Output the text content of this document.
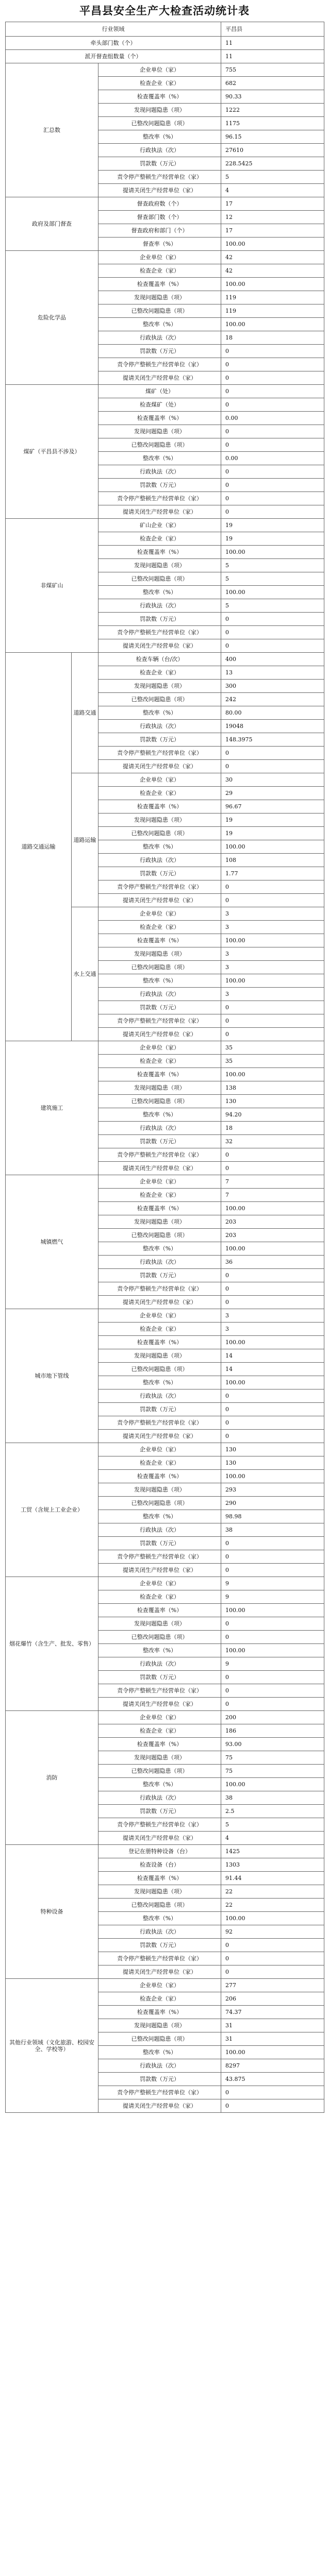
平昌县安全生产大检查活动统计表
行业领域			平昌县
牵头部门数（个）			11
派开督查组数量（个）			11
汇总数		企业单位（家）	755
		检查企业（家）	682
		检查覆盖率（%）	90.33
		发现问题隐患（项）	1222
		已整改问题隐患（项）	1175
		整改率（%）	96.15
		行政执法（次）	27610
		罚款数（万元）	228.5425
		责令停产整顿生产经营单位（家）	5
		提请关闭生产经营单位（家）	4
政府及部门督查		督查政府数（个）	17
		督查部门数（个）	12
		督查政府和部门（个）	17
		督查率（%）	100.00
危险化学品		企业单位（家）	42
		检查企业（家）	42
		检查覆盖率（%）	100.00
		发现问题隐患（项）	119
		已整改问题隐患（项）	119
		整改率（%）	100.00
		行政执法（次）	18
		罚款数（万元）	0
		责令停产整顿生产经营单位（家）	0
		提请关闭生产经营单位（家）	0
煤矿（平昌县不涉及）		煤矿（处）	0
		检查煤矿（处）	0
		检查覆盖率（%）	0.00
		发现问题隐患（项）	0
		已整改问题隐患（项）	0
		整改率（%）	0.00
		行政执法（次）	0
		罚款数（万元）	0
		责令停产整顿生产经营单位（家）	0
		提请关闭生产经营单位（家）	0
非煤矿山		矿山企业（家）	19
		检查企业（家）	19
		检查覆盖率（%）	100.00
		发现问题隐患（项）	5
		已整改问题隐患（项）	5
		整改率（%）	100.00
		行政执法（次）	5
		罚款数（万元）	0
		责令停产整顿生产经营单位（家）	0
		提请关闭生产经营单位（家）	0
道路交通运输	道路交通	检查车辆（台/次）	400
		检查企业（家）	13
		发现问题隐患（项）	300
		已整改问题隐患（项）	242
		整改率（%）	80.00
		行政执法（次）	19048
		罚款数（万元）	148.3975
		责令停产整顿生产经营单位（家）	0
		提请关闭生产经营单位（家）	0
	道路运输	企业单位（家）	30
		检查企业（家）	29
		检查覆盖率（%）	96.67
		发现问题隐患（项）	19
		已整改问题隐患（项）	19
		整改率（%）	100.00
		行政执法（次）	108
		罚款数（万元）	1.77
		责令停产整顿生产经营单位（家）	0
		提请关闭生产经营单位（家）	0
	水上交通	企业单位（家）	3
		检查企业（家）	3
		检查覆盖率（%）	100.00
		发现问题隐患（项）	3
		已整改问题隐患（项）	3
		整改率（%）	100.00
		行政执法（次）	3
		罚款数（万元）	0
		责令停产整顿生产经营单位（家）	0
		提请关闭生产经营单位（家）	0
建筑施工		企业单位（家）	35
		检查企业（家）	35
		检查覆盖率（%）	100.00
		发现问题隐患（项）	138
		已整改问题隐患（项）	130
		整改率（%）	94.20
		行政执法（次）	18
		罚款数（万元）	32
		责令停产整顿生产经营单位（家）	0
		提请关闭生产经营单位（家）	0
城镇燃气		企业单位（家）	7
		检查企业（家）	7
		检查覆盖率（%）	100.00
		发现问题隐患（项）	203
		已整改问题隐患（项）	203
		整改率（%）	100.00
		行政执法（次）	36
		罚款数（万元）	0
		责令停产整顿生产经营单位（家）	0
		提请关闭生产经营单位（家）	0
城市地下管线		企业单位（家）	3
		检查企业（家）	3
		检查覆盖率（%）	100.00
		发现问题隐患（项）	14
		已整改问题隐患（项）	14
		整改率（%）	100.00
		行政执法（次）	0
		罚款数（万元）	0
		责令停产整顿生产经营单位（家）	0
		提请关闭生产经营单位（家）	0
工贸（含规上工业企业）		企业单位（家）	130
		检查企业（家）	130
		检查覆盖率（%）	100.00
		发现问题隐患（项）	293
		已整改问题隐患（项）	290
		整改率（%）	98.98
		行政执法（次）	38
		罚款数（万元）	0
		责令停产整顿生产经营单位（家）	0
		提请关闭生产经营单位（家）	0
烟花爆竹（含生产、批发、零售）		企业单位（家）	9
		检查企业（家）	9
		检查覆盖率（%）	100.00
		发现问题隐患（项）	0
		已整改问题隐患（项）	0
		整改率（%）	100.00
		行政执法（次）	9
		罚款数（万元）	0
		责令停产整顿生产经营单位（家）	0
		提请关闭生产经营单位（家）	0
消防		企业单位（家）	200
		检查企业（家）	186
		检查覆盖率（%）	93.00
		发现问题隐患（项）	75
		已整改问题隐患（项）	75
		整改率（%）	100.00
		行政执法（次）	38
		罚款数（万元）	2.5
		责令停产整顿生产经营单位（家）	5
		提请关闭生产经营单位（家）	4
特种设备		登记在册特种设备（台）	1425
		检查设备（台）	1303
		检查覆盖率（%）	91.44
		发现问题隐患（项）	22
		已整改问题隐患（项）	22
		整改率（%）	100.00
		行政执法（次）	92
		罚款数（万元）	0
		责令停产整顿生产经营单位（家）	0
		提请关闭生产经营单位（家）	0
其他行业领域（文化旅游、校园安全、学校等）		企业单位（家）	277
		检查企业（家）	206
		检查覆盖率（%）	74.37
		发现问题隐患（项）	31
		已整改问题隐患（项）	31
		整改率（%）	100.00
		行政执法（次）	8297
		罚款数（万元）	43.875
		责令停产整顿生产经营单位（家）	0
		提请关闭生产经营单位（家）	0
